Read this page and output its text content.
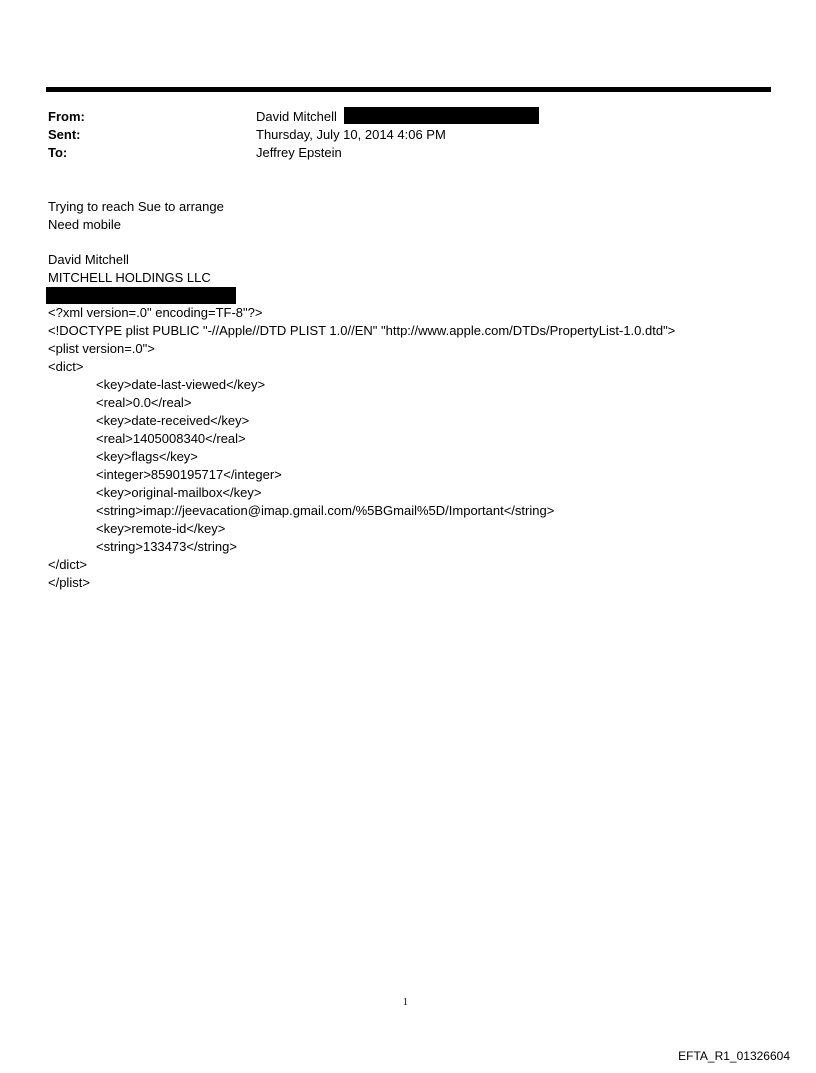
From:	David Mitchell
Sent:	Thursday, July 10, 2014 4:06 PM
To:	Jeffrey Epstein
Trying to reach Sue to arrange
Need mobile
David Mitchell
MITCHELL HOLDINGS LLC
<?xml version=.0" encoding=TF-8"?>
<!DOCTYPE plist PUBLIC "-//Apple//DTD PLIST 1.0//EN" "http://www.apple.com/DTDs/PropertyList-1.0.dtd">
<plist version=.0">
<dict>
<key>date-last-viewed</key>
<real>0.0</real>
<key>date-received</key>
<real>1405008340</real>
<key>flags</key>
<integer>8590195717</integer>
<key>original-mailbox</key>
<string>imap://jeevacation@imap.gmail.com/%5BGmail%5D/Important</string>
<key>remote-id</key>
<string>133473</string>
</dict>
</plist>
1
EFTA_R1_01326604
